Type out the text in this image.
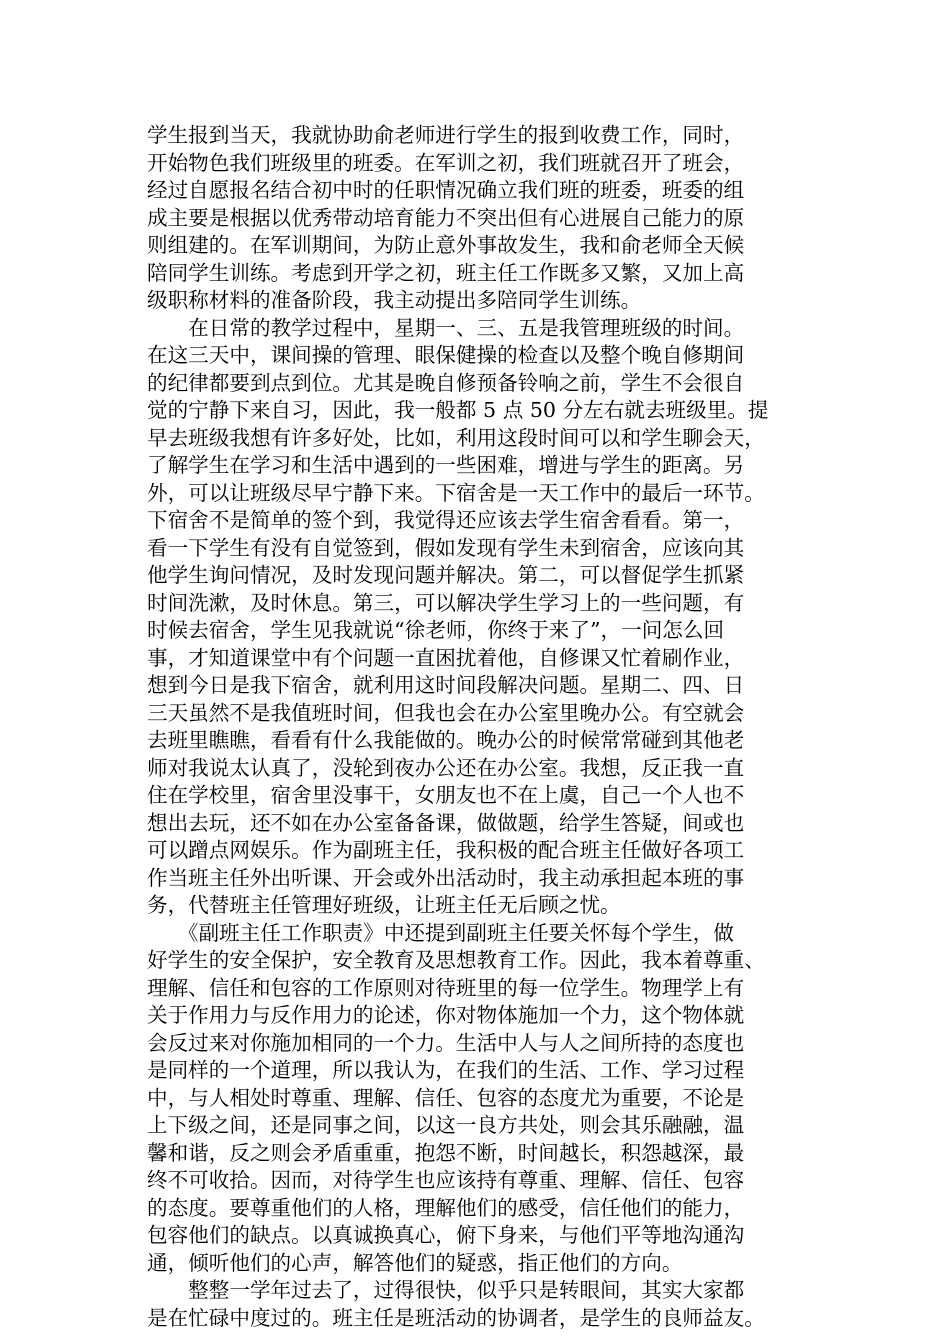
学生报到当天，我就协助俞老师进行学生的报到收费工作，同时，
开始物色我们班级里的班委。在军训之初，我们班就召开了班会，
经过自愿报名结合初中时的任职情况确立我们班的班委，班委的组
成主要是根据以优秀带动培育能力不突出但有心进展自己能力的原
则组建的。在军训期间，为防止意外事故发生，我和俞老师全天候
陪同学生训练。考虑到开学之初，班主任工作既多又繁，又加上高
级职称材料的准备阶段，我主动提出多陪同学生训练。
　　在日常的教学过程中，星期一、三、五是我管理班级的时间。
在这三天中，课间操的管理、眼保健操的检查以及整个晚自修期间
的纪律都要到点到位。尤其是晚自修预备铃响之前，学生不会很自
觉的宁静下来自习，因此，我一般都 5 点 50 分左右就去班级里。提
早去班级我想有许多好处，比如，利用这段时间可以和学生聊会天，
了解学生在学习和生活中遇到的一些困难，增进与学生的距离。另
外，可以让班级尽早宁静下来。下宿舍是一天工作中的最后一环节。
下宿舍不是简单的签个到，我觉得还应该去学生宿舍看看。第一，
看一下学生有没有自觉签到，假如发现有学生未到宿舍，应该向其
他学生询问情况，及时发现问题并解决。第二，可以督促学生抓紧
时间洗漱，及时休息。第三，可以解决学生学习上的一些问题，有
时候去宿舍，学生见我就说“徐老师，你终于来了”，一问怎么回
事，才知道课堂中有个问题一直困扰着他，自修课又忙着刷作业，
想到今日是我下宿舍，就利用这时间段解决问题。星期二、四、日
三天虽然不是我值班时间，但我也会在办公室里晚办公。有空就会
去班里瞧瞧，看看有什么我能做的。晚办公的时候常常碰到其他老
师对我说太认真了，没轮到夜办公还在办公室。我想，反正我一直
住在学校里，宿舍里没事干，女朋友也不在上虞，自己一个人也不
想出去玩，还不如在办公室备备课，做做题，给学生答疑，间或也
可以蹭点网娱乐。作为副班主任，我积极的配合班主任做好各项工
作当班主任外出听课、开会或外出活动时，我主动承担起本班的事
务，代替班主任管理好班级，让班主任无后顾之忧。
　　《副班主任工作职责》中还提到副班主任要关怀每个学生，做
好学生的安全保护，安全教育及思想教育工作。因此，我本着尊重、
理解、信任和包容的工作原则对待班里的每一位学生。物理学上有
关于作用力与反作用力的论述，你对物体施加一个力，这个物体就
会反过来对你施加相同的一个力。生活中人与人之间所持的态度也
是同样的一个道理，所以我认为，在我们的生活、工作、学习过程
中，与人相处时尊重、理解、信任、包容的态度尤为重要，不论是
上下级之间，还是同事之间，以这一良方共处，则会其乐融融，温
馨和谐，反之则会矛盾重重，抱怨不断，时间越长，积怨越深，最
终不可收拾。因而，对待学生也应该持有尊重、理解、信任、包容
的态度。要尊重他们的人格，理解他们的感受，信任他们的能力，
包容他们的缺点。以真诚换真心，俯下身来，与他们平等地沟通沟
通，倾听他们的心声，解答他们的疑惑，指正他们的方向。
　　整整一学年过去了，过得很快，似乎只是转眼间，其实大家都
是在忙碌中度过的。班主任是班活动的协调者，是学生的良师益友。
